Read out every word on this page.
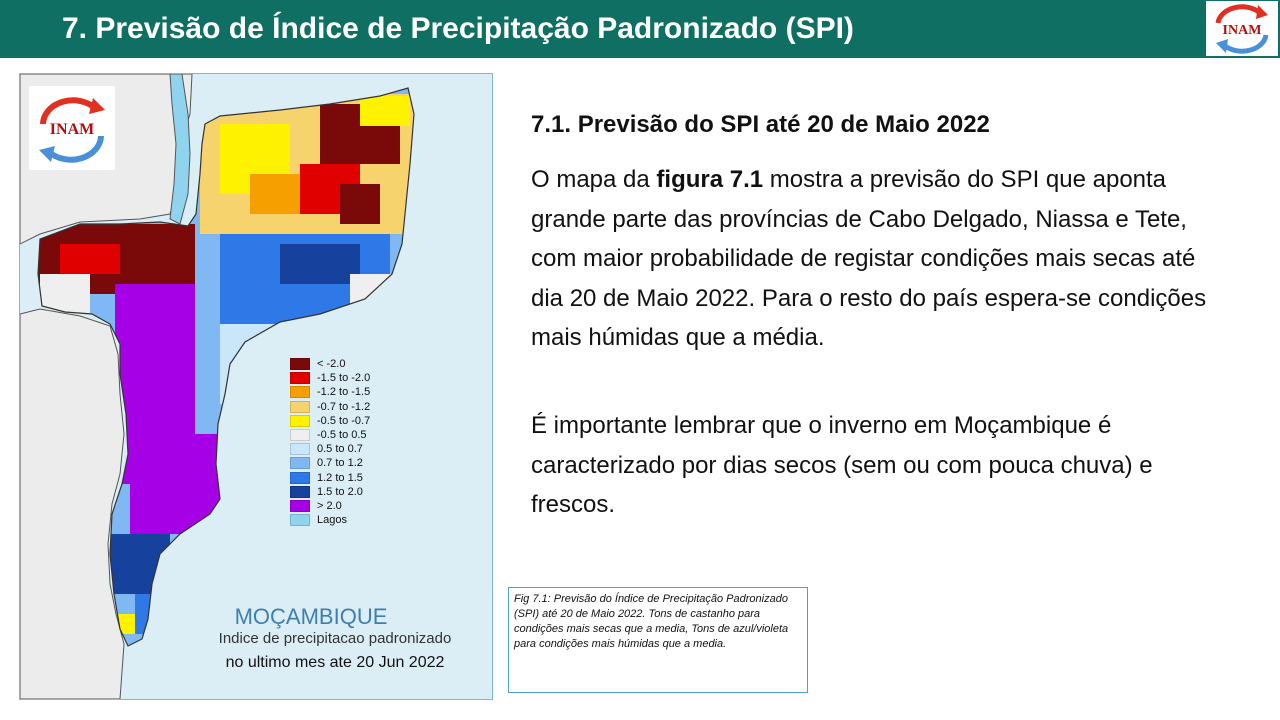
7. Previsão de Índice de Precipitação Padronizado (SPI)	INAM
INAM
< -2.0
-1.5 to -2.0
-1.2 to -1.5
-0.7 to -1.2
-0.5 to -0.7
-0.5 to 0.5
0.5 to 0.7
0.7 to 1.2
1.2 to 1.5
1.5 to 2.0
> 2.0
Lagos
MOÇAMBIQUE
Indice de precipitacao padronizado
no ultimo mes ate 20 Jun 2022
7.1. Previsão do SPI até 20 de Maio 2022
O mapa da figura 7.1 mostra a previsão do SPI que aponta grande parte das províncias de Cabo Delgado, Niassa e Tete, com maior probabilidade de registar condições mais secas até dia 20 de Maio 2022. Para o resto do país espera-se condições mais húmidas que a média.
É importante lembrar que o inverno em Moçambique é caracterizado por dias secos (sem ou com pouca chuva) e frescos.
Fig 7.1: Previsão do Índice de Precipitação Padronizado (SPI) até 20 de Maio 2022. Tons de castanho para condições mais secas que a media, Tons de azul/violeta para condições mais húmidas que a media.
